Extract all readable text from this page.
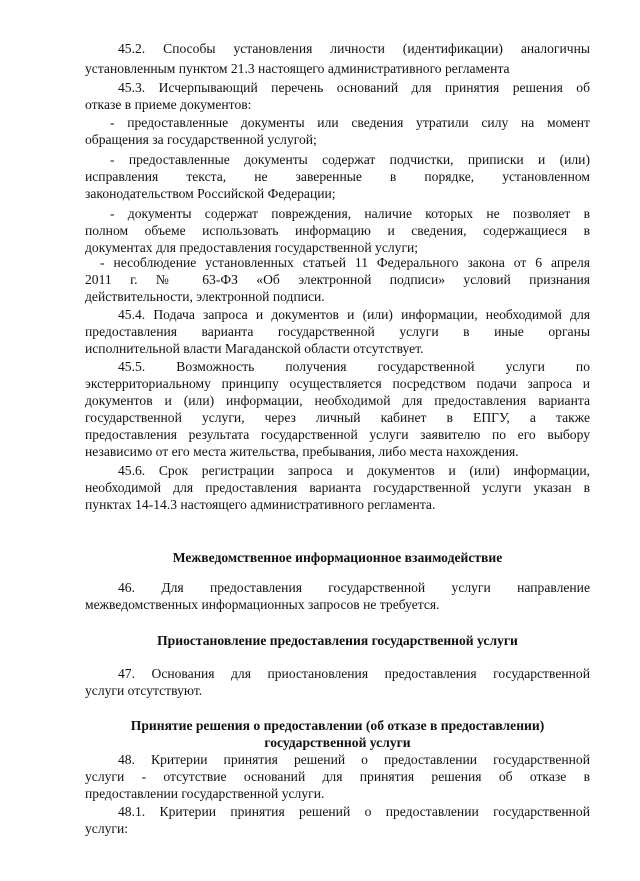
45.2. Способы установления личности (идентификации) аналогичны

установленным пунктом 21.3 настоящего административного регламента

45.3. Исчерпывающий перечень оснований для принятия решения об

отказе в приеме документов:

- предоставленные документы или сведения утратили силу на момент

обращения за государственной услугой;

- предоставленные документы содержат подчистки, приписки и (или)

исправления текста, не заверенные в порядке, установленном

законодательством Российской Федерации;

- документы содержат повреждения, наличие которых не позволяет в

полном объеме использовать информацию и сведения, содержащиеся в

документах для предоставления государственной услуги;

- несоблюдение установленных статьей 11 Федерального закона от 6 апреля

2011 г. № 63-ФЗ «Об электронной подписи» условий признания

действительности, электронной подписи.

45.4. Подача запроса и документов и (или) информации, необходимой для

предоставления варианта государственной услуги в иные органы

исполнительной власти Магаданской области отсутствует.

45.5. Возможность получения государственной услуги по

экстерриториальному принципу осуществляется посредством подачи запроса и

документов и (или) информации, необходимой для предоставления варианта

государственной услуги, через личный кабинет в ЕПГУ, а также

предоставления результата государственной услуги заявителю по его выбору

независимо от его места жительства, пребывания, либо места нахождения.

45.6. Срок регистрации запроса и документов и (или) информации,

необходимой для предоставления варианта государственной услуги указан в

пунктах 14-14.3 настоящего административного регламента.

Межведомственное информационное взаимодействие

46. Для предоставления государственной услуги направление

межведомственных информационных запросов не требуется.

Приостановление предоставления государственной услуги

47. Основания для приостановления предоставления государственной

услуги отсутствуют.

Принятие решения о предоставлении (об отказе в предоставлении)

государственной услуги

48. Критерии принятия решений о предоставлении государственной

услуги - отсутствие оснований для принятия решения об отказе в

предоставлении государственной услуги.

48.1. Критерии принятия решений о предоставлении государственной

услуги:
